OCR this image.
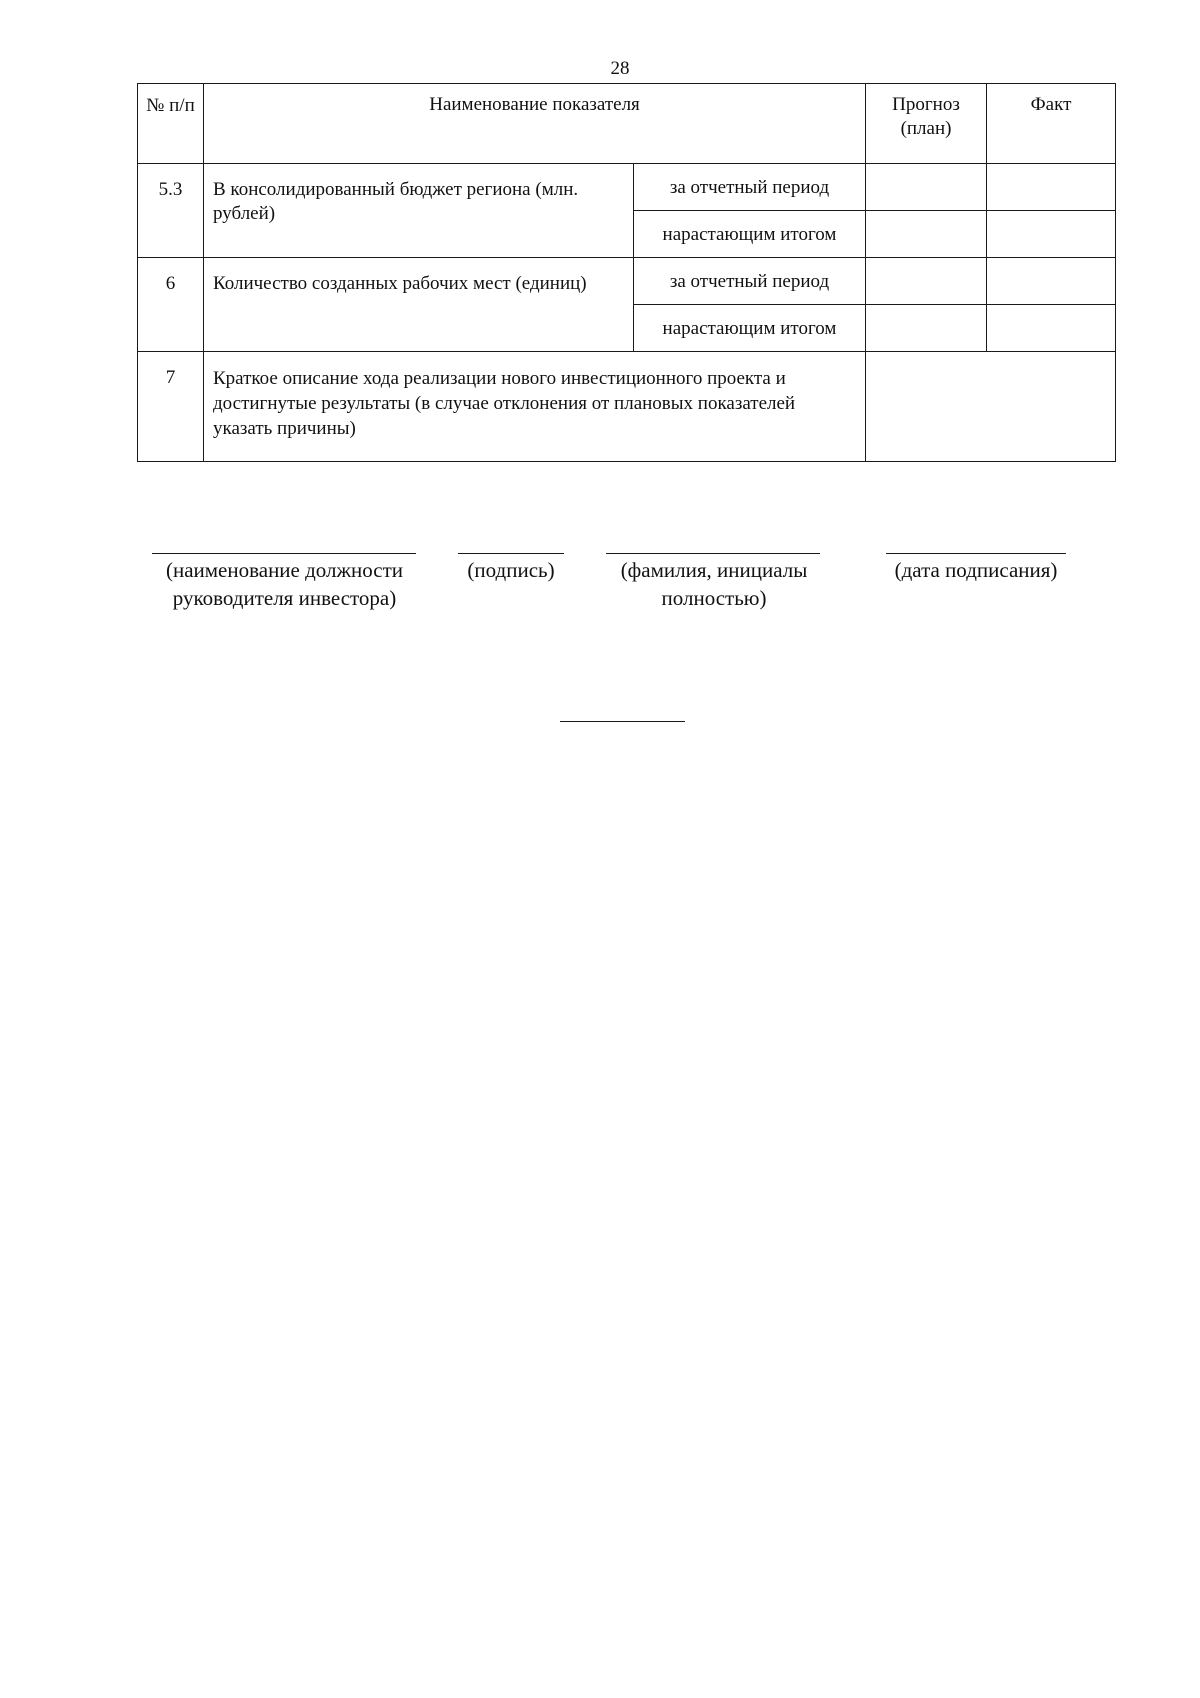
28
№ п/п	Наименование показателя		Прогноз (план)	Факт
5.3	В консолидированный бюджет региона (млн. рублей)	за отчетный период		
		нарастающим итогом		
6	Количество созданных рабочих мест (единиц)	за отчетный период		
		нарастающим итогом		
7	Краткое описание хода реализации нового инвестиционного проекта и достигнутые результаты (в случае отклонения от плановых показателей указать причины)			
(наименование должности руководителя инвестора)
(подпись)	(фамилия, инициалы полностью)
(дата подписания)
